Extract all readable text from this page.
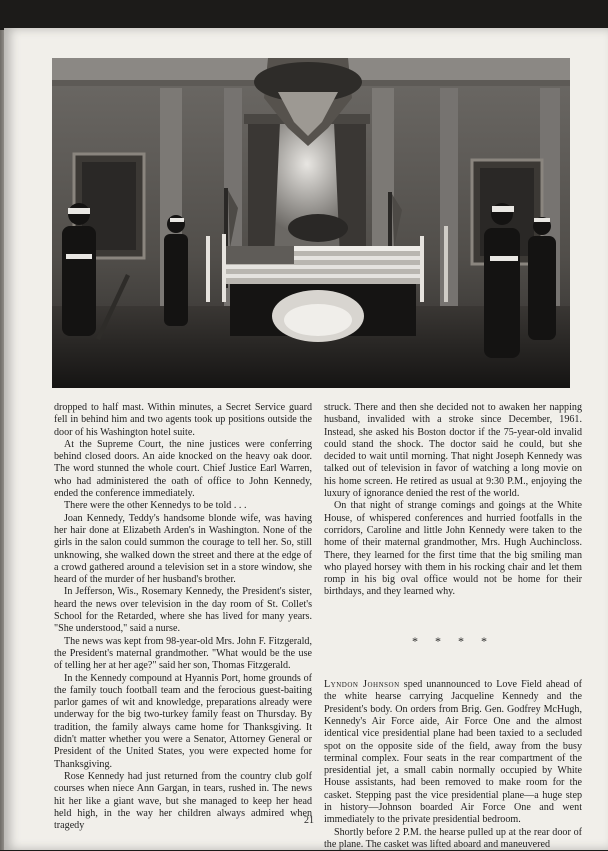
dropped to half mast. Within minutes, a Secret Service guard fell in behind him and two agents took up positions outside the door of his Washington hotel suite.

At the Supreme Court, the nine justices were conferring behind closed doors. An aide knocked on the heavy oak door. The word stunned the whole court. Chief Justice Earl Warren, who had administered the oath of office to John Kennedy, ended the conference immediately.

There were the other Kennedys to be told . . .

Joan Kennedy, Teddy's handsome blonde wife, was having her hair done at Elizabeth Arden's in Washington. None of the girls in the salon could summon the courage to tell her. So, still unknowing, she walked down the street and there at the edge of a crowd gathered around a television set in a store window, she heard of the murder of her husband's brother.

In Jefferson, Wis., Rosemary Kennedy, the President's sister, heard the news over television in the day room of St. Collet's School for the Retarded, where she has lived for many years. "She understood," said a nurse.

The news was kept from 98-year-old Mrs. John F. Fitzgerald, the President's maternal grandmother. "What would be the use of telling her at her age?" said her son, Thomas Fitzgerald.

In the Kennedy compound at Hyannis Port, home grounds of the family touch football team and the ferocious guest-baiting parlor games of wit and knowledge, preparations already were underway for the big two-turkey family feast on Thursday. By tradition, the family always came home for Thanksgiving. It didn't matter whether you were a Senator, Attorney General or President of the United States, you were expected home for Thanksgiving.

Rose Kennedy had just returned from the country club golf courses when niece Ann Gargan, in tears, rushed in. The news hit her like a giant wave, but she managed to keep her head held high, in the way her children always admired when tragedy

struck. There and then she decided not to awaken her napping husband, invalided with a stroke since December, 1961. Instead, she asked his Boston doctor if the 75-year-old invalid could stand the shock. The doctor said he could, but she decided to wait until morning. That night Joseph Kennedy was talked out of television in favor of watching a long movie on his home screen. He retired as usual at 9:30 P.M., enjoying the luxury of ignorance denied the rest of the world.

On that night of strange comings and goings at the White House, of whispered conferences and hurried footfalls in the corridors, Caroline and little John Kennedy were taken to the home of their maternal grandmother, Mrs. Hugh Auchincloss. There, they learned for the first time that the big smiling man who played horsey with them in his rocking chair and let them romp in his big oval office would not be home for their birthdays, and they learned why.

* * * *

Lyndon Johnson sped unannounced to Love Field ahead of the white hearse carrying Jacqueline Kennedy and the President's body. On orders from Brig. Gen. Godfrey McHugh, Kennedy's Air Force aide, Air Force One and the almost identical vice presidential plane had been taxied to a secluded spot on the opposite side of the field, away from the busy terminal complex. Four seats in the rear compartment of the presidential jet, a small cabin normally occupied by White House assistants, had been removed to make room for the casket. Stepping past the vice presidential plane—a huge step in history—Johnson boarded Air Force One and went immediately to the private presidential bedroom.

Shortly before 2 P.M. the hearse pulled up at the rear door of the plane. The casket was lifted aboard and maneuvered

21
